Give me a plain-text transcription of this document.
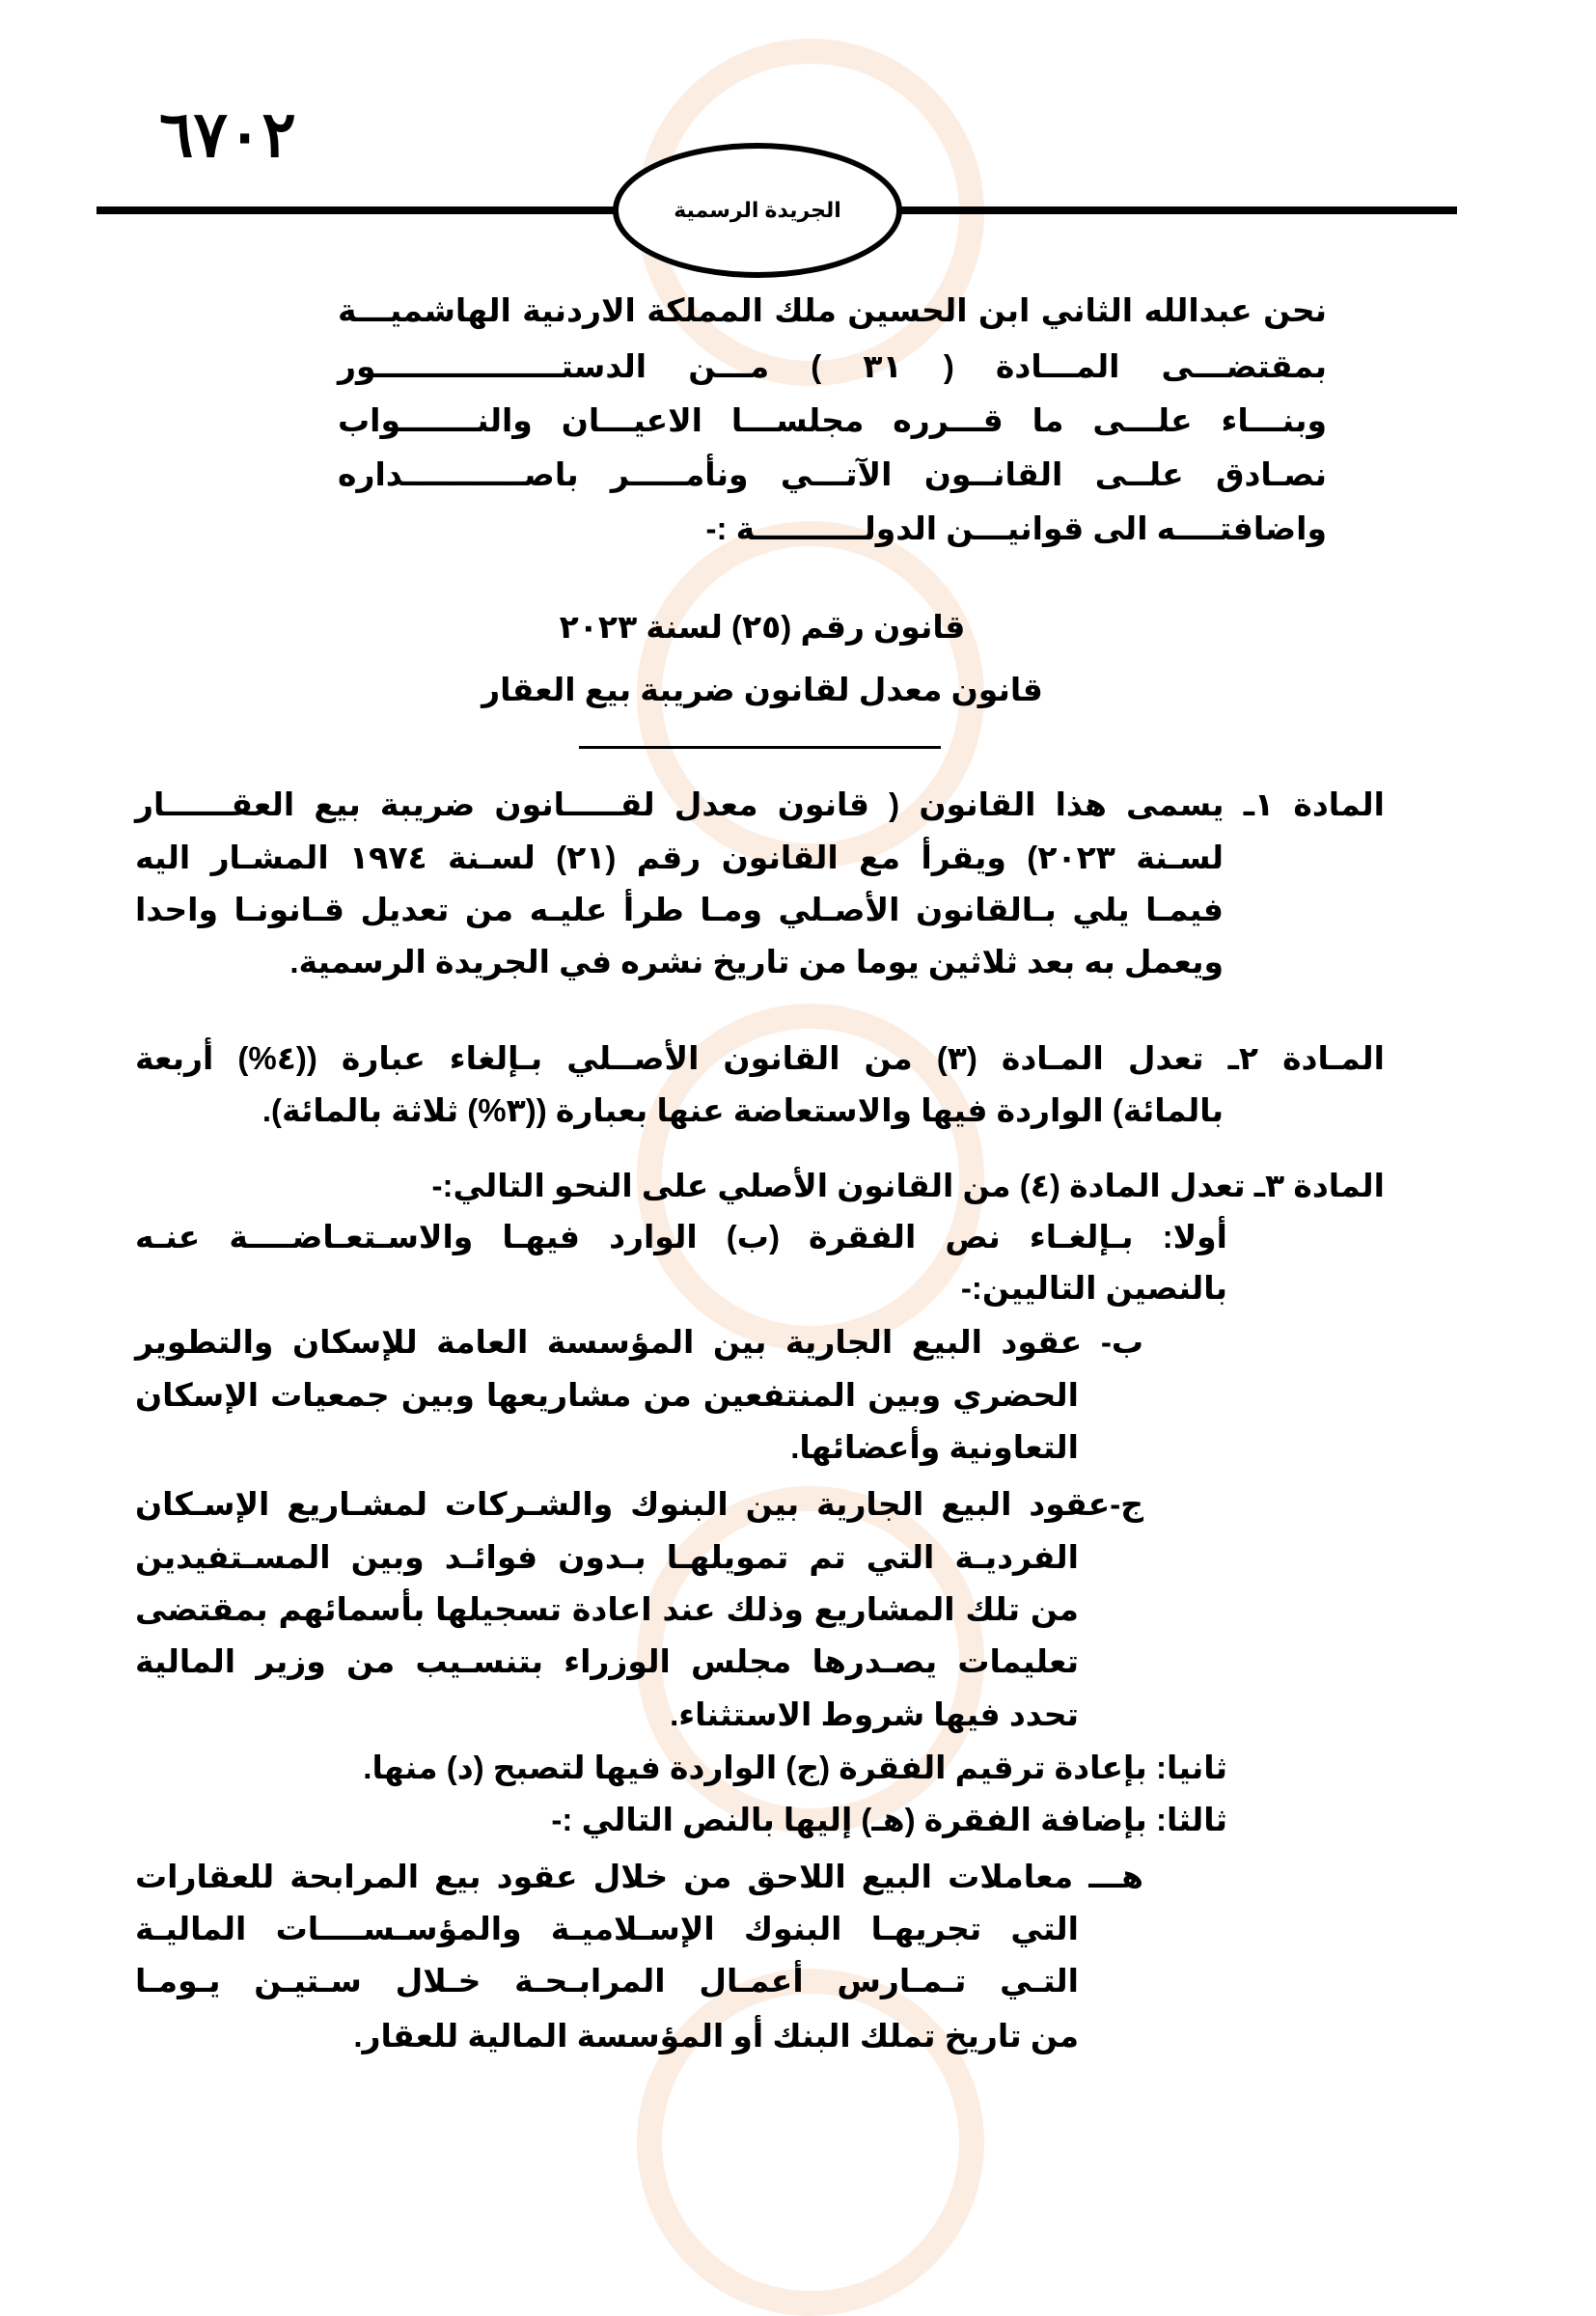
٦٧٠٢
الجريدة الرسمية
نحن عبدالله الثاني ابن الحسين ملك المملكة الاردنية الهاشميـــة
بمقتضـــى المـــادة ( ٣١ ) مـــن الدستـــــــــــــــــور
وبنـــاء علـــى ما قـــرره مجلســـا الاعيـــان والنـــــــواب
نصـادق علــى القانــون الآتـــي ونأمـــــر باصـــــــــــداره
واضافتــــه الى قوانيـــن الدولــــــــــة :-
قانون رقم (٢٥) لسنة ٢٠٢٣
قانون معدل لقانون ضريبة بيع العقار
المادة ١ـ يسمى هذا القانون ( قانون معدل لقـــــانون ضريبة بيع العقــــــار
لسـنة ٢٠٢٣) ويقرأ مع القانون رقم (٢١) لسـنة ١٩٧٤ المشـار اليه
فيمـا يلي بـالقانون الأصـلي ومـا طرأ عليـه من تعديل قـانونـا واحدا
ويعمل به بعد ثلاثين يوما من تاريخ نشره في الجريدة الرسمية.
المـادة ٢ـ تعدل المـادة (٣) من القانون الأصــلي بـإلغاء عبارة ((٤%) أربعة
بالمائة) الواردة فيها والاستعاضة عنها بعبارة ((٣%) ثلاثة بالمائة).
المادة ٣ـ تعدل المادة (٤) من القانون الأصلي على النحو التالي:-
أولا: بـإلغـاء نص الفقرة (ب) الوارد فيهـا والاسـتعـاضــــة عنـه
بالنصين التاليين:-
ب- عقود البيع الجارية بين المؤسسة العامة للإسكان والتطوير
الحضري وبين المنتفعين من مشاريعها وبين جمعيات الإسكان
التعاونية وأعضائها.
ج-عقود البيع الجارية بين البنوك والشـركات لمشـاريع الإسـكان
الفرديـة التي تم تمويلهـا بـدون فوائـد وبين المسـتفيدين
من تلك المشاريع وذلك عند اعادة تسجيلها بأسمائهم بمقتضى
تعليمات يصـدرها مجلس الوزراء بتنسـيب من وزير المالية
تحدد فيها شروط الاستثناء.
ثانيا: بإعادة ترقيم الفقرة (ج) الواردة فيها لتصبح (د) منها.
ثالثا: بإضافة الفقرة (هـ) إليها بالنص التالي :-
هـــ معاملات البيع اللاحق من خلال عقود بيع المرابحة للعقارات
التي تجريهـا البنوك الإسـلاميـة والمؤسـســــات الماليـة
التـي تـمـارس أعمـال المرابـحـة خـلال سـتيـن يـومـا
من تاريخ تملك البنك أو المؤسسة المالية للعقار.
